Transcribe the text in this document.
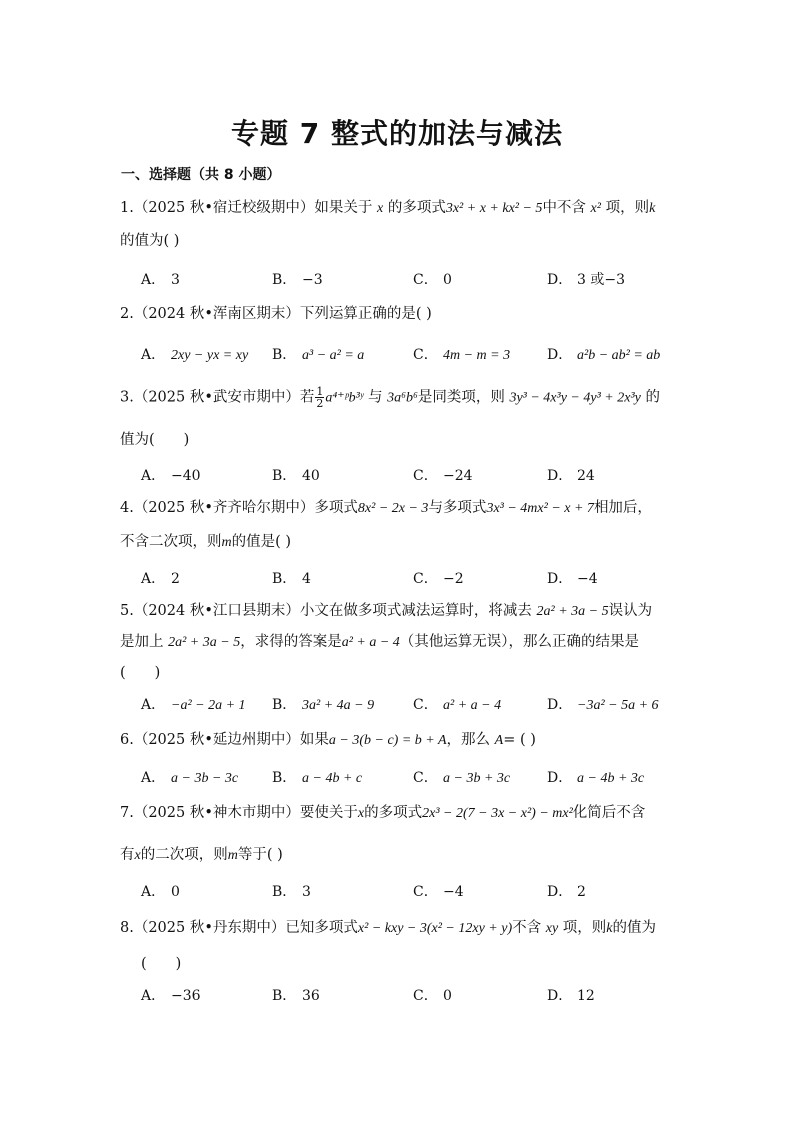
专题 7 整式的加法与减法
一、选择题（共 8 小题）
1.（2025 秋•宿迁校级期中）如果关于 x 的多项式3x² + x + kx² − 5中不含 x² 项，则k
的值为( )
A． 3	B． −3	C． 0	D． 3 或−3
2.（2024 秋•浑南区期末）下列运算正确的是( )
A． 2xy − yx = xy B． a³ − a² = a	C． 4m − m = 3	D． a²b − ab² = ab
3.（2025 秋•武安市期中）若 $\frac{1}{2}$ a⁴⁺ᵖb³ʸ 与 3a⁶b⁶是同类项，则 3y³ − 4x³y − 4y³ + 2x³y 的
值为(　　)
A． −40	B． 40	C． −24	D． 24
4.（2025 秋•齐齐哈尔期中）多项式8x² − 2x − 3与多项式3x³ − 4mx² − x + 7相加后，
不含二次项，则m的值是( )
A． 2	B． 4	C． −2	D． −4
5.（2024 秋•江口县期末）小文在做多项式减法运算时，将减去 2a² + 3a − 5误认为
是加上 2a² + 3a − 5，求得的答案是a² + a − 4（其他运算无误），那么正确的结果是
(　　)
A． −a² − 2a + 1 B． 3a² + 4a − 9	C． a² + a − 4	D． −3a² − 5a + 6
6.（2025 秋•延边州期中）如果a − 3(b − c) = b + A，那么 A= ( )
A． a − 3b − 3c B． a − 4b + c	C． a − 3b + 3c	D． a − 4b + 3c
7.（2025 秋•神木市期中）要使关于x的多项式2x³ − 2(7 − 3x − x²) − mx²化简后不含
有x的二次项，则m等于( )
A． 0	B． 3	C． −4	D． 2
8.（2025 秋•丹东期中）已知多项式x² − kxy − 3(x² − 12xy + y)不含 xy 项，则k的值为
(　　)
A． −36	B． 36	C． 0	D． 12
